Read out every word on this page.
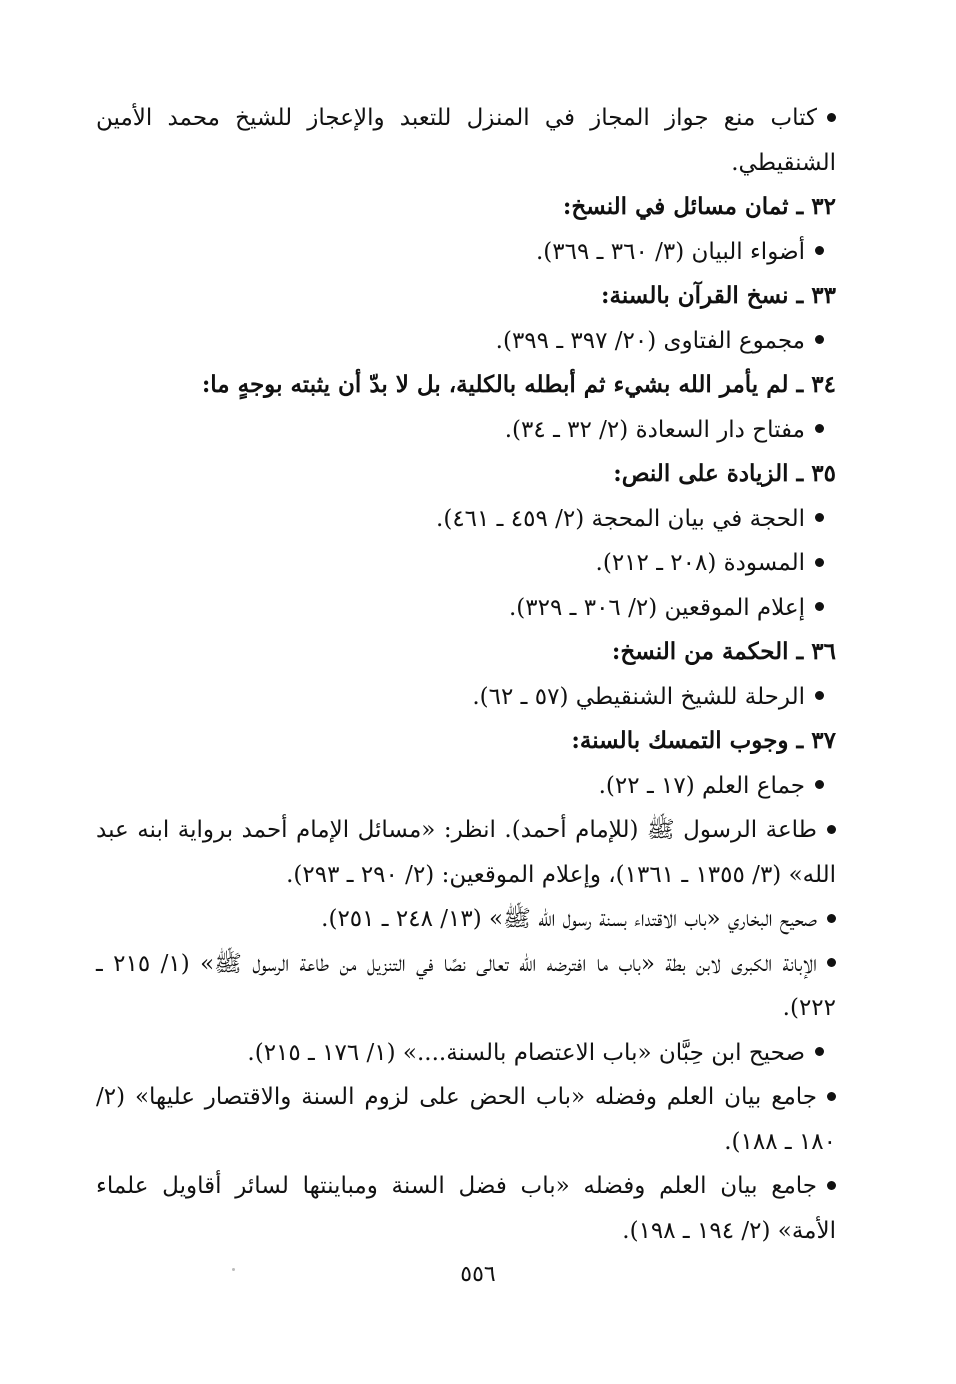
كتاب منع جواز المجاز في المنزل للتعبد والإعجاز للشيخ محمد الأمين الشنقيطي.
٣٢ ـ ثمان مسائل في النسخ:
أضواء البيان (٣/ ٣٦٠ ـ ٣٦٩).
٣٣ ـ نسخ القرآن بالسنة:
مجموع الفتاوى (٢٠/ ٣٩٧ ـ ٣٩٩).
٣٤ ـ لم يأمر الله بشيء ثم أبطله بالكلية، بل لا بدّ أن يثبته بوجهٍ ما:
مفتاح دار السعادة (٢/ ٣٢ ـ ٣٤).
٣٥ ـ الزيادة على النص:
الحجة في بيان المحجة (٢/ ٤٥٩ ـ ٤٦١).
المسودة (٢٠٨ ـ ٢١٢).
إعلام الموقعين (٢/ ٣٠٦ ـ ٣٢٩).
٣٦ ـ الحكمة من النسخ:
الرحلة للشيخ الشنقيطي (٥٧ ـ ٦٢).
٣٧ ـ وجوب التمسك بالسنة:
جماع العلم (١٧ ـ ٢٢).
طاعة الرسول ﷺ (للإمام أحمد). انظر: «مسائل الإمام أحمد برواية ابنه عبد الله» (٣/ ١٣٥٥ ـ ١٣٦١)، وإعلام الموقعين: (٢/ ٢٩٠ ـ ٢٩٣).
صحيح البخاري «باب الاقتداء بسنة رسول الله ﷺ» (١٣/ ٢٤٨ ـ ٢٥١).
الإبانة الكبرى لابن بطة «باب ما افترضه الله تعالى نصًا في التنزيل من طاعة الرسول ﷺ» (١/ ٢١٥ ـ ٢٢٢).
صحيح ابن حِبَّان «باب الاعتصام بالسنة....» (١/ ١٧٦ ـ ٢١٥).
جامع بيان العلم وفضله «باب الحض على لزوم السنة والاقتصار عليها» (٢/ ١٨٠ ـ ١٨٨).
جامع بيان العلم وفضله «باب فضل السنة ومباينتها لسائر أقاويل علماء الأمة» (٢/ ١٩٤ ـ ١٩٨).
٥٥٦
